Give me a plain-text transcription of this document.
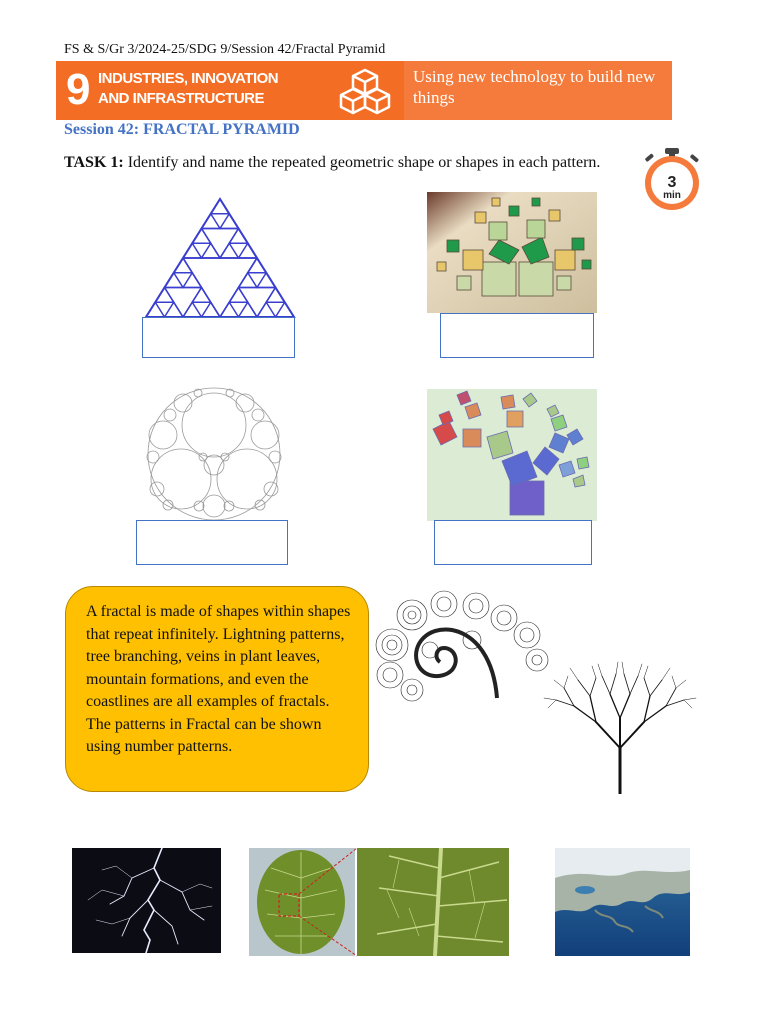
FS & S/Gr 3/2024-25/SDG 9/Session 42/Fractal Pyramid
9 INDUSTRIES, INNOVATION
AND INFRASTRUCTURE
Using new technology to build new things
Session 42: FRACTAL PYRAMID
TASK 1: Identify and name the repeated geometric shape or shapes in each pattern.
3
min

A fractal is made of shapes within shapes that repeat infinitely. Lightning patterns, tree branching, veins in plant leaves, mountain formations, and even the coastlines are all examples of fractals.

The patterns in Fractal can be shown using number patterns.
